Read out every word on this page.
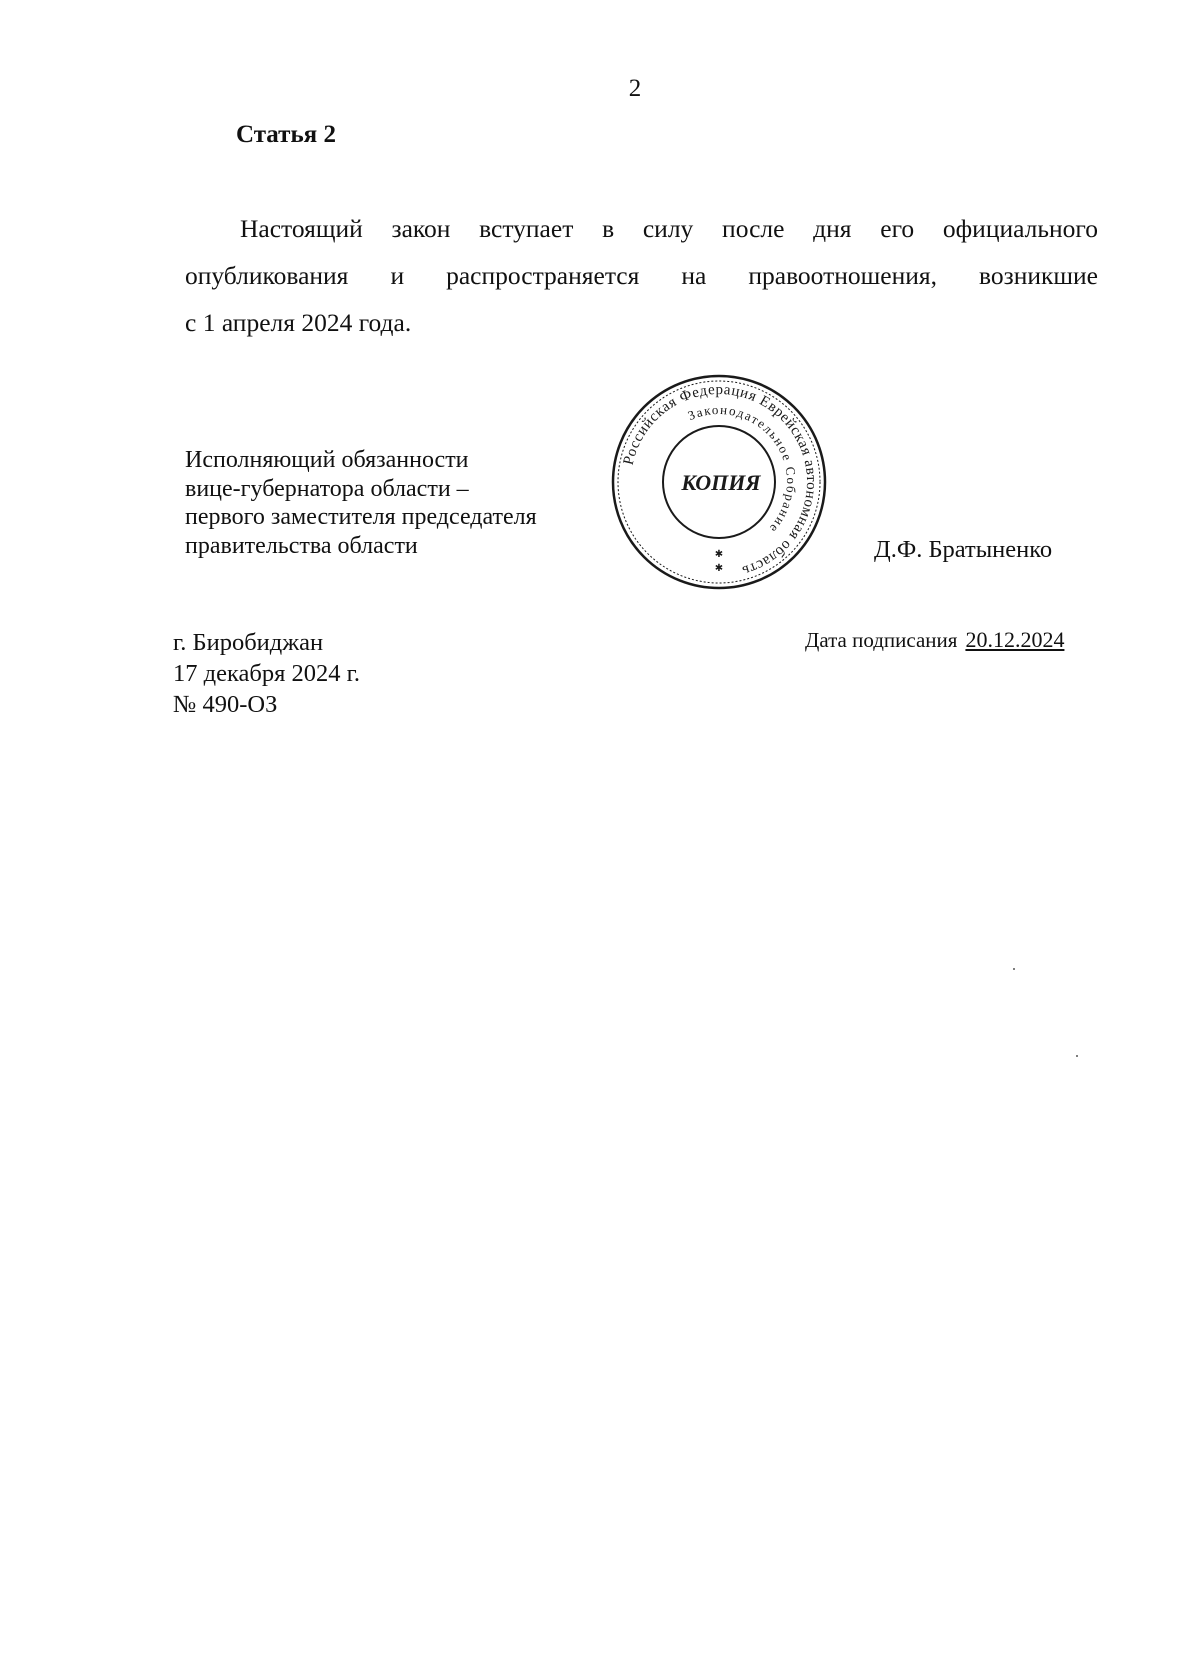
2
Статья 2

Настоящий закон вступает в силу после дня его официального

опубликования и распространяется на правоотношения, возникшие

с 1 апреля 2024 года.

Исполняющий обязанности
вице-губернатора области –
первого заместителя председателя
правительства области
Российская Федерация Еврейская автономная область
Законодательное Собрание
КОПИЯ
✱
✱
Д.Ф. Братыненко
г. Биробиджан
17 декабря 2024 г.
№ 490-ОЗ
Дата подписания 20.12.2024
